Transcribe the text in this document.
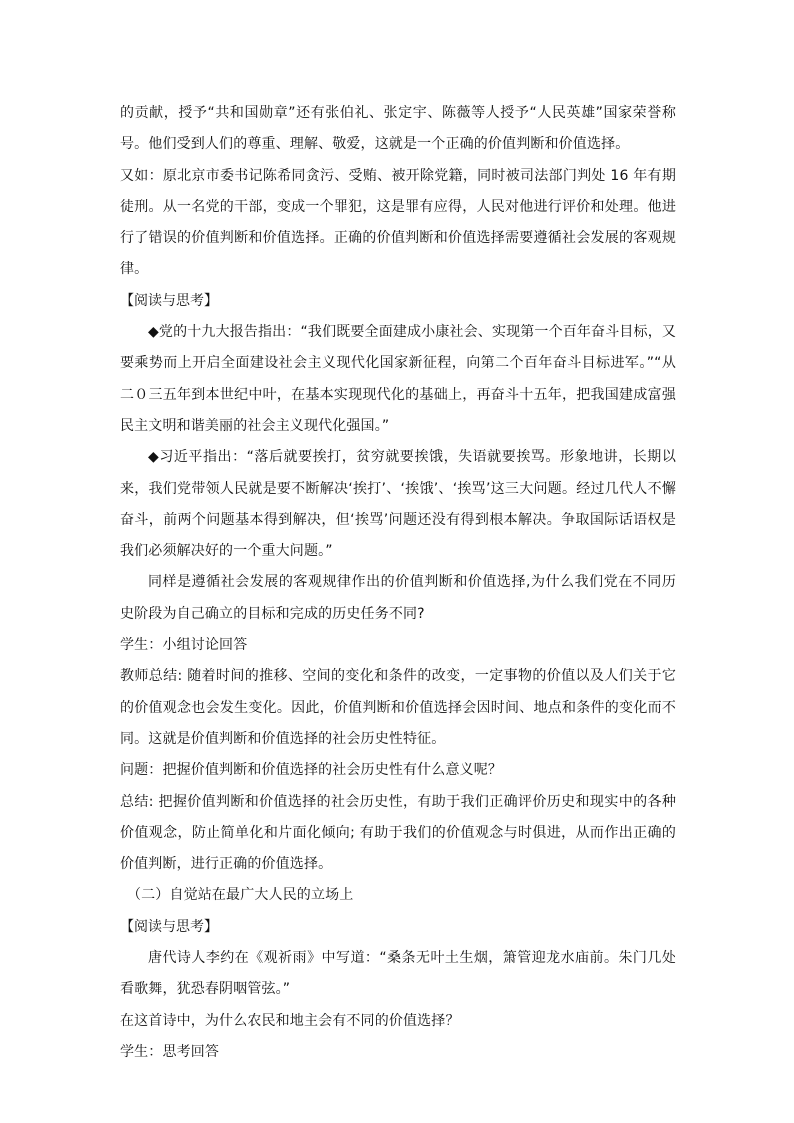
的贡献，授予“共和国勋章”还有张伯礼、张定宇、陈薇等人授予“人民英雄”国家荣誉称号。他们受到人们的尊重、理解、敬爱，这就是一个正确的价值判断和价值选择。

又如：原北京市委书记陈希同贪污、受贿、被开除党籍，同时被司法部门判处 16 年有期徒刑。从一名党的干部，变成一个罪犯，这是罪有应得，人民对他进行评价和处理。他进行了错误的价值判断和价值选择。正确的价值判断和价值选择需要遵循社会发展的客观规律。

【阅读与思考】

◆党的十九大报告指出：“我们既要全面建成小康社会、实现第一个百年奋斗目标，又要乘势而上开启全面建设社会主义现代化国家新征程，向第二个百年奋斗目标进军。”“从二０三五年到本世纪中叶，在基本实现现代化的基础上，再奋斗十五年，把我国建成富强民主文明和谐美丽的社会主义现代化强国。”

◆习近平指出：“落后就要挨打，贫穷就要挨饿，失语就要挨骂。形象地讲，长期以来，我们党带领人民就是要不断解决‘挨打’、‘挨饿’、‘挨骂’这三大问题。经过几代人不懈奋斗，前两个问题基本得到解决，但‘挨骂’问题还没有得到根本解决。争取国际话语权是我们必须解决好的一个重大问题。”

同样是遵循社会发展的客观规律作出的价值判断和价值选择,为什么我们党在不同历史阶段为自己确立的目标和完成的历史任务不同?

学生：小组讨论回答

教师总结: 随着时间的推移、空间的变化和条件的改变，一定事物的价值以及人们关于它的价值观念也会发生变化。因此，价值判断和价值选择会因时间、地点和条件的变化而不同。这就是价值判断和价值选择的社会历史性特征。

问题：把握价值判断和价值选择的社会历史性有什么意义呢？

总结: 把握价值判断和价值选择的社会历史性，有助于我们正确评价历史和现实中的各种价值观念，防止简单化和片面化倾向; 有助于我们的价值观念与时俱进，从而作出正确的价值判断，进行正确的价值选择。

（二）自觉站在最广大人民的立场上

【阅读与思考】

唐代诗人李约在《观祈雨》中写道：“桑条无叶土生烟，箫管迎龙水庙前。朱门几处看歌舞，犹恐春阴咽管弦。”

在这首诗中，为什么农民和地主会有不同的价值选择？

学生：思考回答
